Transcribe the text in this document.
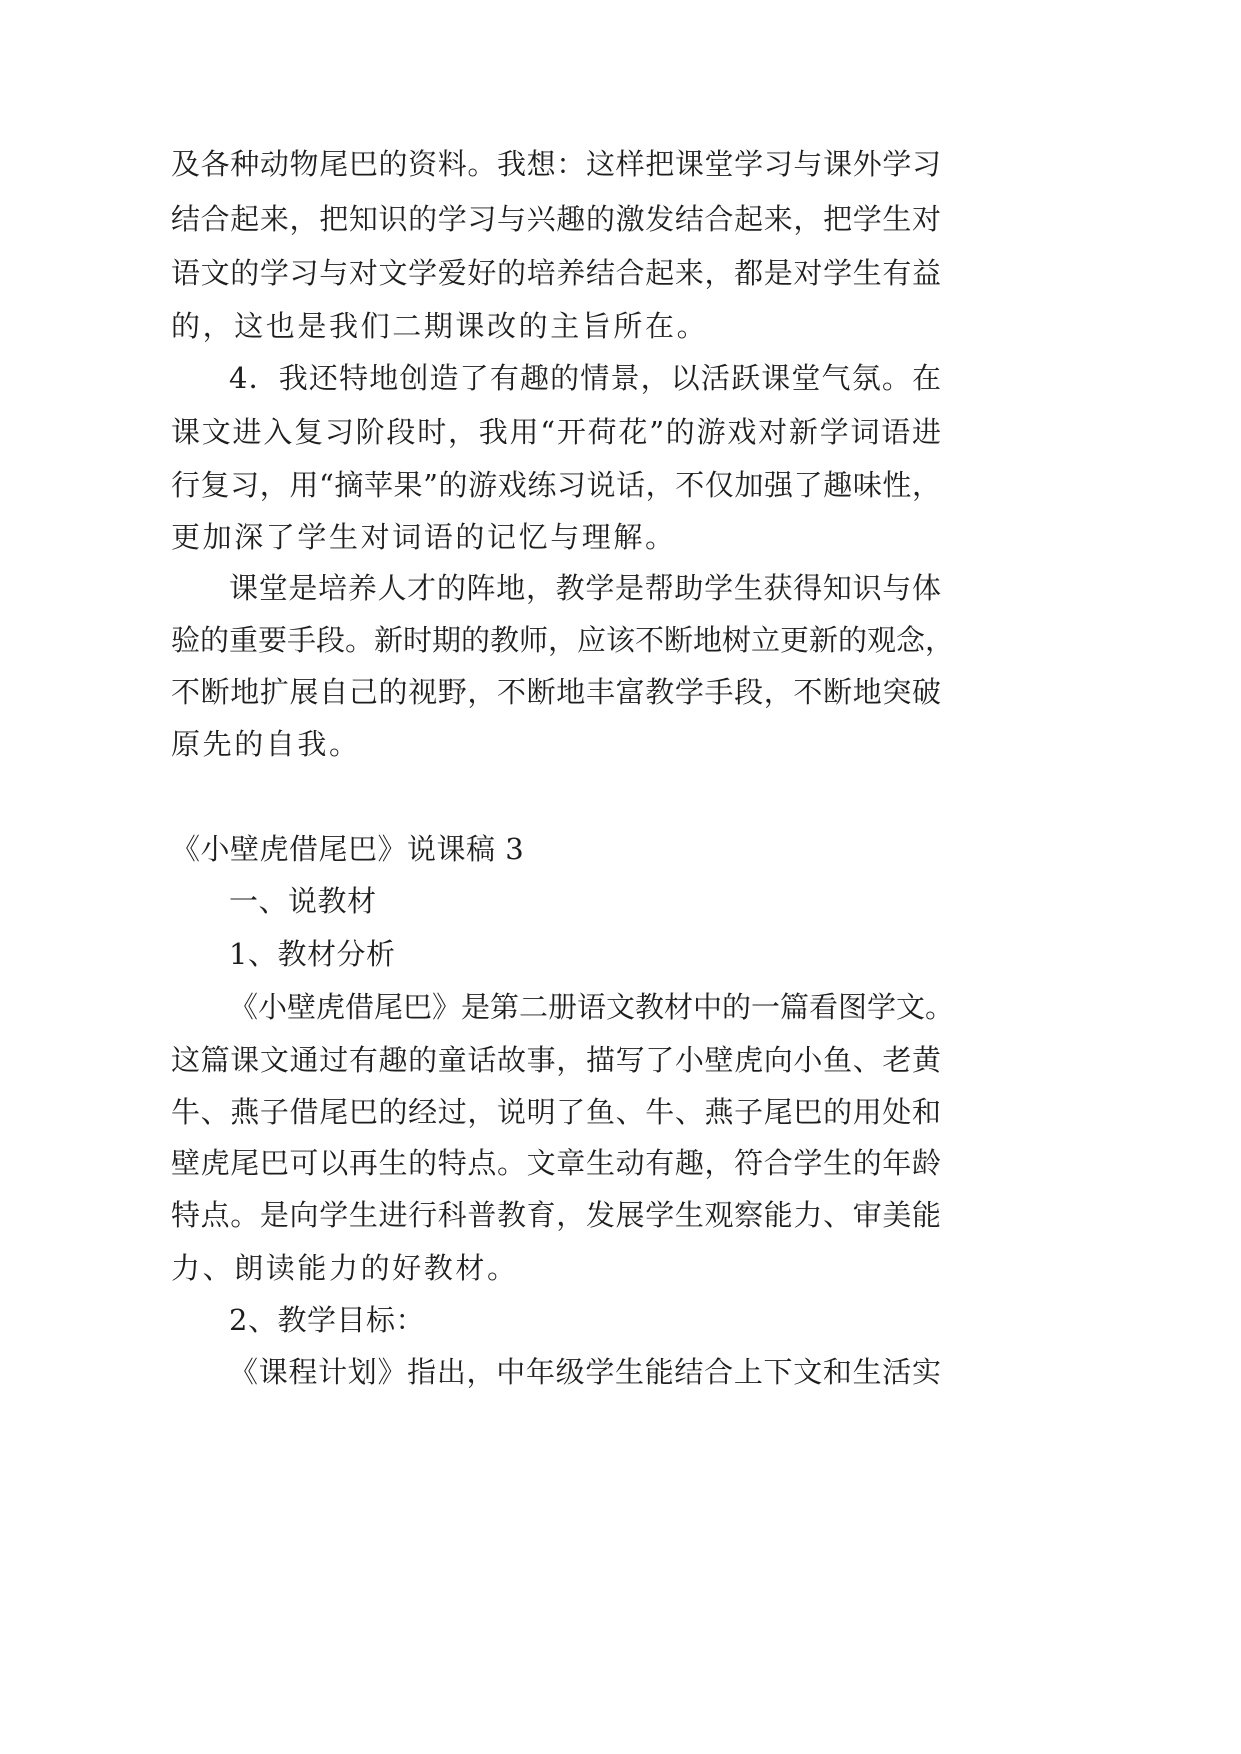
及各种动物尾巴的资料。我想：这样把课堂学习与课外学习
结合起来，把知识的学习与兴趣的激发结合起来，把学生对
语文的学习与对文学爱好的培养结合起来，都是对学生有益
的，这也是我们二期课改的主旨所在。
4．我还特地创造了有趣的情景，以活跃课堂气氛。在
课文进入复习阶段时，我用“开荷花”的游戏对新学词语进
行复习，用“摘苹果”的游戏练习说话，不仅加强了趣味性，
更加深了学生对词语的记忆与理解。
课堂是培养人才的阵地，教学是帮助学生获得知识与体
验的重要手段。新时期的教师，应该不断地树立更新的观念，
不断地扩展自己的视野，不断地丰富教学手段，不断地突破
原先的自我。
《小壁虎借尾巴》说课稿 3
一、说教材
1、教材分析
《小壁虎借尾巴》是第二册语文教材中的一篇看图学文。
这篇课文通过有趣的童话故事，描写了小壁虎向小鱼、老黄
牛、燕子借尾巴的经过，说明了鱼、牛、燕子尾巴的用处和
壁虎尾巴可以再生的特点。文章生动有趣，符合学生的年龄
特点。是向学生进行科普教育，发展学生观察能力、审美能
力、朗读能力的好教材。
2、教学目标：
《课程计划》指出，中年级学生能结合上下文和生活实
